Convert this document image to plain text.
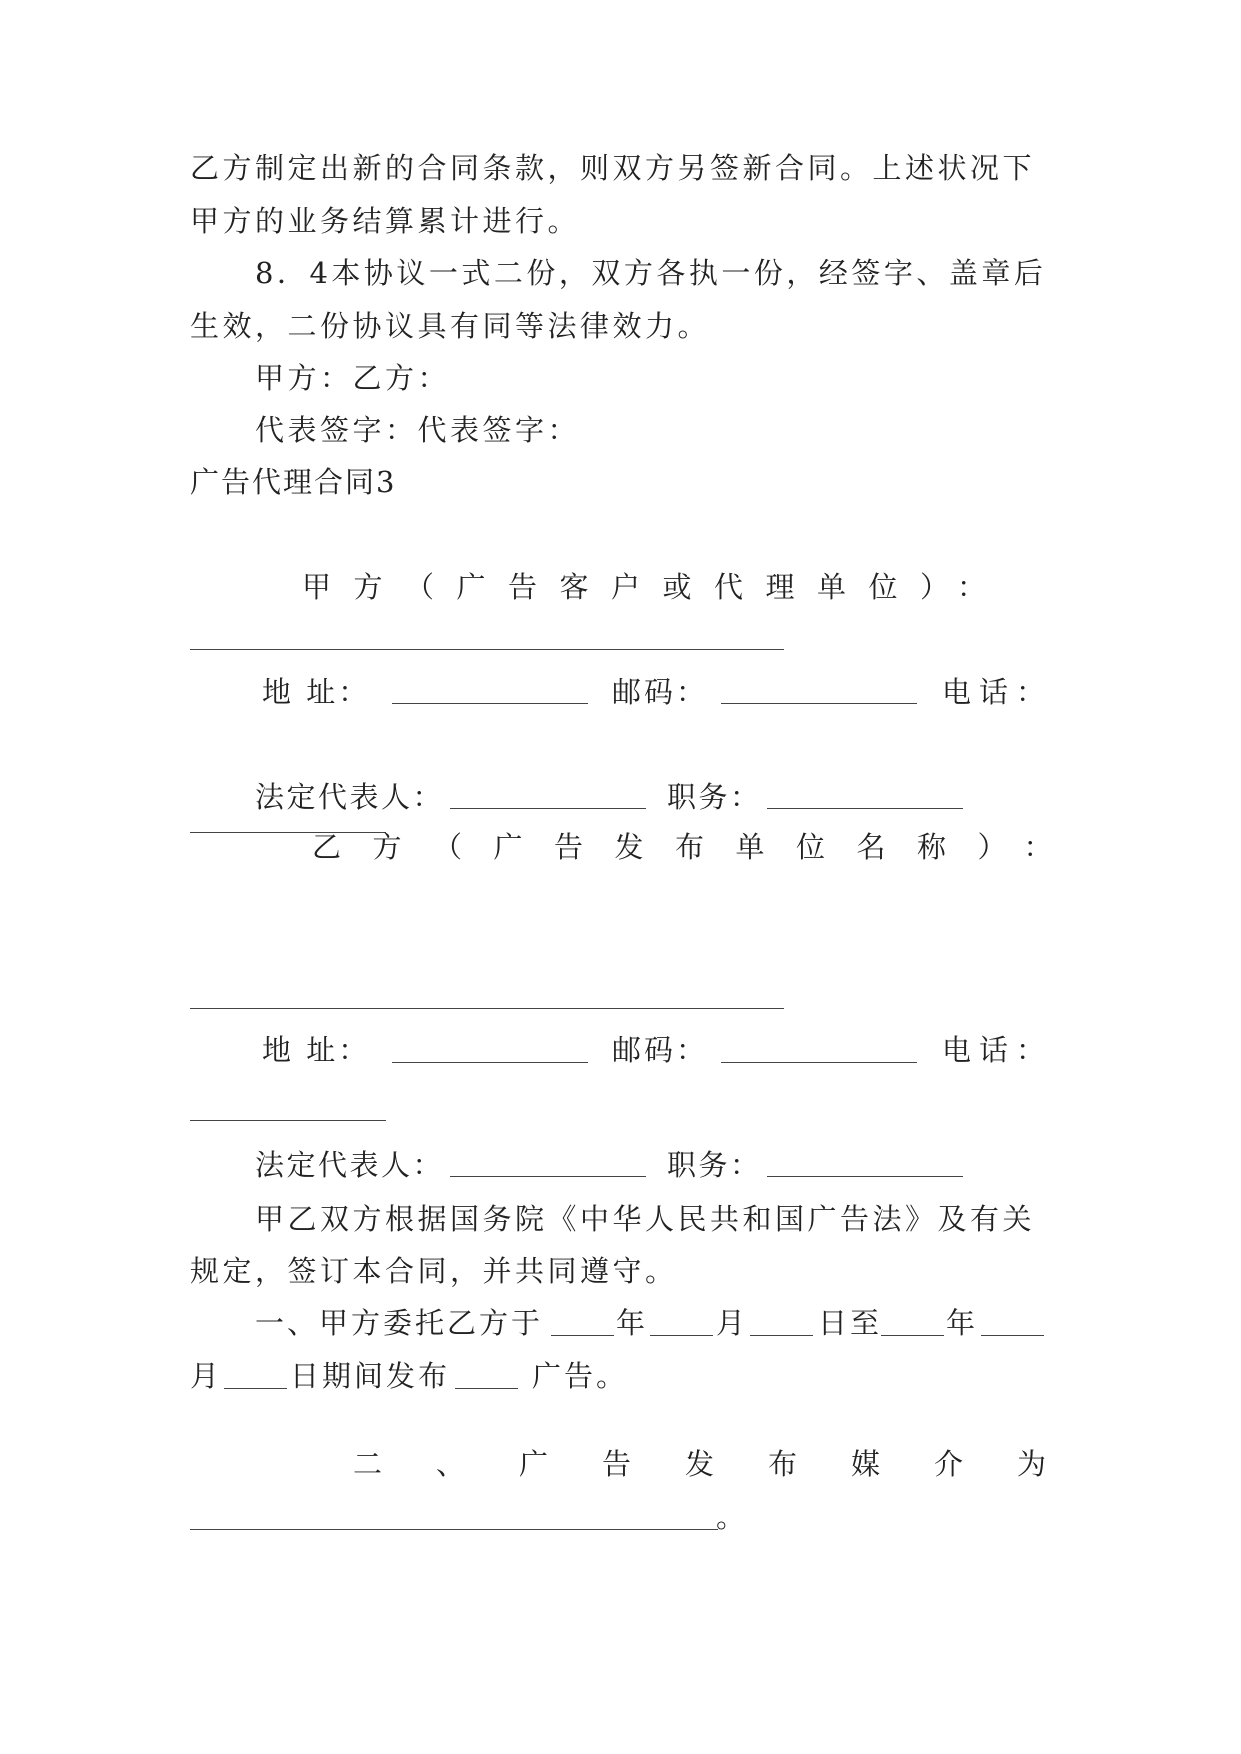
乙方制定出新的合同条款，则双方另签新合同。上述状况下
甲方的业务结算累计进行。
8．4本协议一式二份，双方各执一份，经签字、盖章后
生效，二份协议具有同等法律效力。
甲方：乙方：
代表签字：代表签字：
广告代理合同3
甲方（广告客户或代理单位）：
地 址：	邮码：	电话：
法定代表人：	职务：
乙方（广告发布单位名称）：
地 址：	邮码：	电话：
法定代表人：	职务：
甲乙双方根据国务院《中华人民共和国广告法》及有关
规定，签订本合同，并共同遵守。
一、甲方委托乙方于	年 月	日至 年
月 日期间发布	广告。
二、广告发布媒介为
。
